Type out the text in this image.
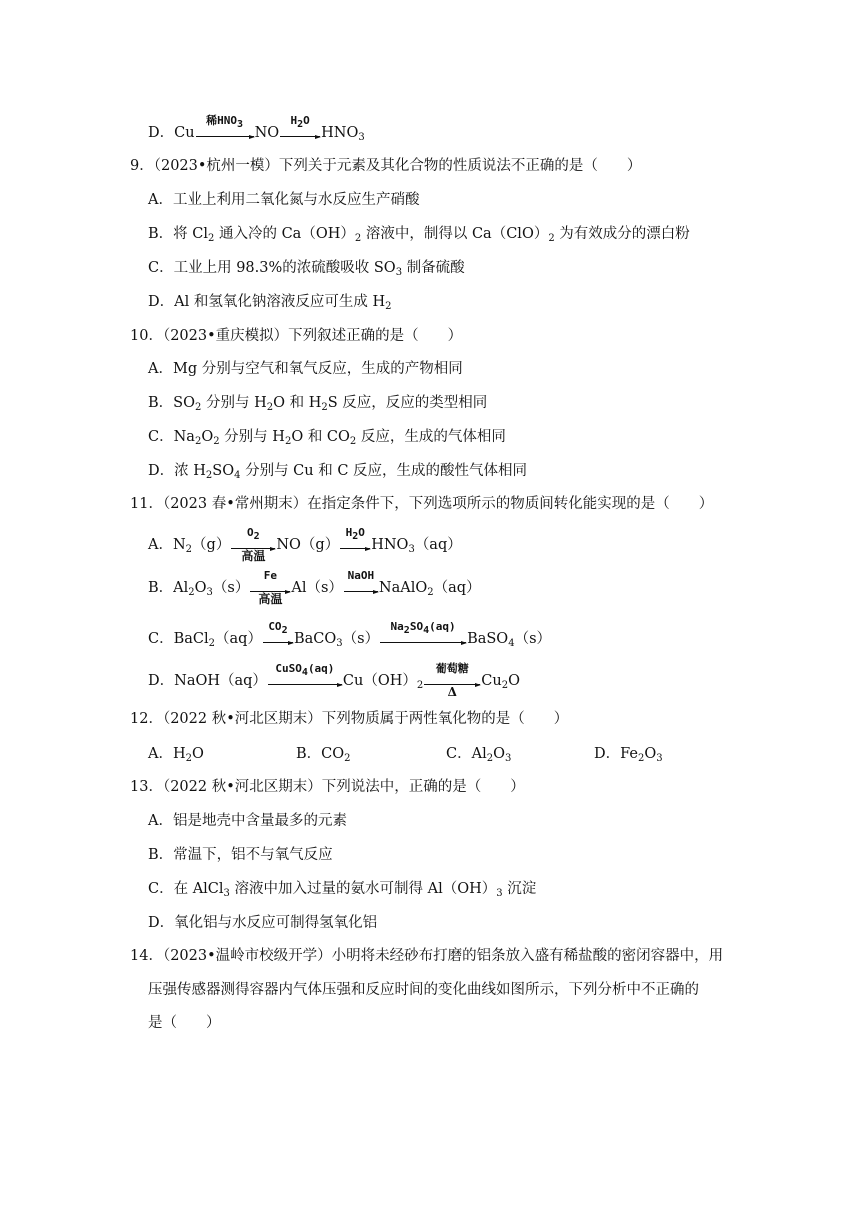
D．Cu
稀$HNO_3$
NO
$H_2O$
$HNO_3$
9．（2023•杭州一模）下列关于元素及其化合物的性质说法不正确的是（　　）
A．工业上利用二氧化氮与水反应生产硝酸
B．将 $Cl_2$ 通入冷的 $Ca(OH)_2$ 溶液中，制得以 $Ca(ClO)_2$ 为有效成分的漂白粉
C．工业上用 98.3%的浓硫酸吸收 $SO_3$ 制备硫酸
D．Al 和氢氧化钠溶液反应可生成 $H_2$
10．（2023•重庆模拟）下列叙述正确的是（　　）
A．Mg 分别与空气和氧气反应，生成的产物相同
B．$SO_2$ 分别与 $H_2O$ 和 $H_2S$ 反应，反应的类型相同
C．$Na_2O_2$ 分别与 $H_2O$ 和 $CO_2$ 反应，生成的气体相同
D．浓 $H_2SO_4$ 分别与 Cu 和 C 反应，生成的酸性气体相同
11．（2023 春•常州期末）在指定条件下，下列选项所示的物质间转化能实现的是（　　）
A．$N_2(g)$
$O_2$
高温
NO（g）
$H_2O$
$HNO_3(aq)$
B．$Al_2O_3(s)$
Fe
高温
Al（s）
NaOH
NaAlO$_2$（aq）
C．BaCl$_2$（aq）
$CO_2$
BaCO$_3$（s）
$Na_2SO_4(aq)$
BaSO$_4$（s）
D．NaOH（aq）
CuSO$_4$(aq)
$Cu(OH)_2$
葡萄糖
Δ
$Cu_2O$
12．（2022 秋•河北区期末）下列物质属于两性氧化物的是（　　）
A．$H_2O$	B．$CO_2$	C．$Al_2O_3$	D．$Fe_2O_3$
13．（2022 秋•河北区期末）下列说法中，正确的是（　　）
A．铝是地壳中含量最多的元素
B．常温下，铝不与氧气反应
C．在 AlCl$_3$ 溶液中加入过量的氨水可制得 $Al(OH)_3$ 沉淀
D．氧化铝与水反应可制得氢氧化铝
14．（2023•温岭市校级开学）小明将未经砂布打磨的铝条放入盛有稀盐酸的密闭容器中，用
压强传感器测得容器内气体压强和反应时间的变化曲线如图所示，下列分析中不正确的
是（　　）
